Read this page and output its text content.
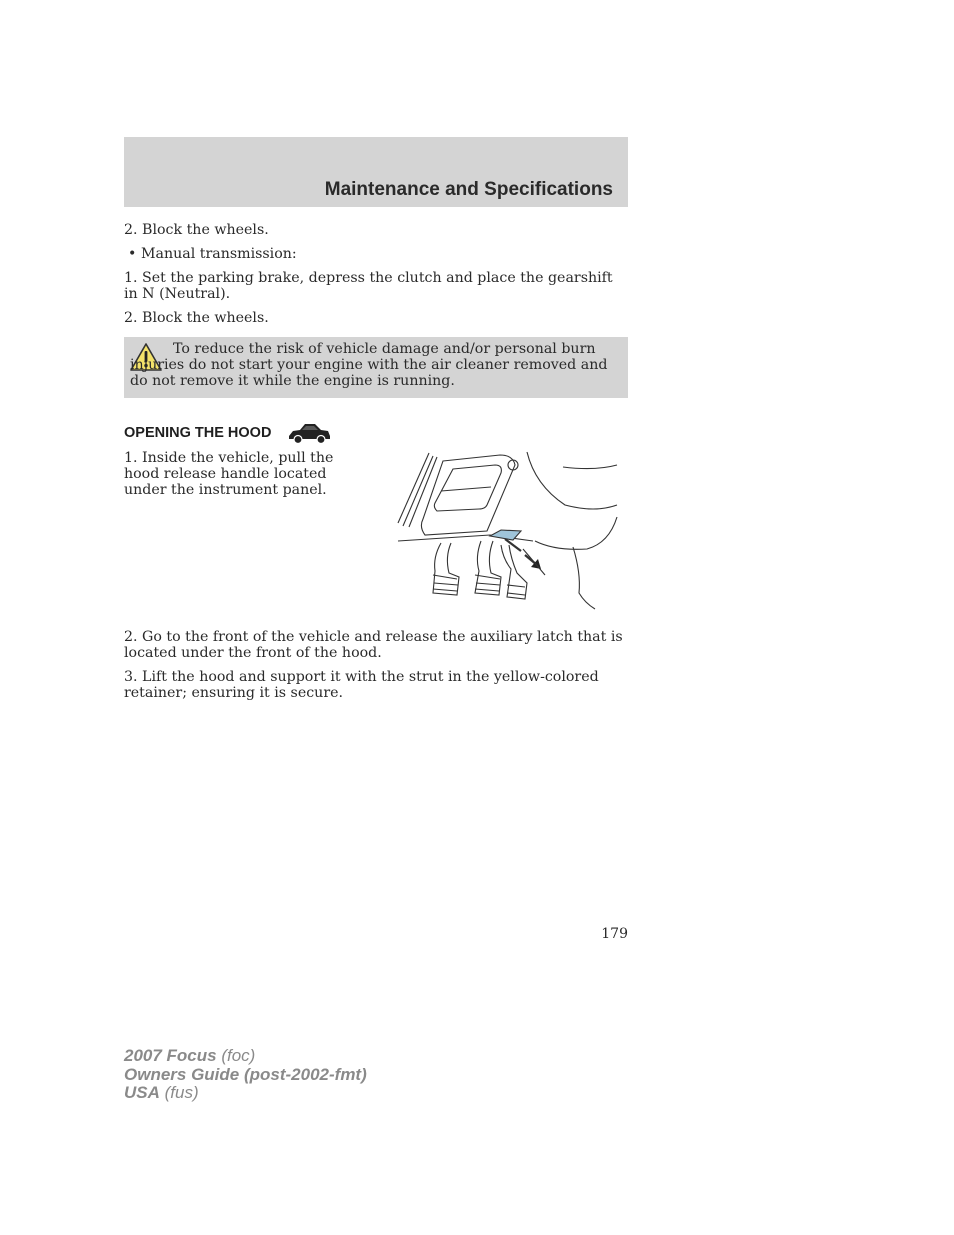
Maintenance and Specifications
2. Block the wheels.
• Manual transmission:
1. Set the parking brake, depress the clutch and place the gearshift in N (Neutral).
2. Block the wheels.
To reduce the risk of vehicle damage and/or personal burn injuries do not start your engine with the air cleaner removed and do not remove it while the engine is running.
OPENING THE HOOD
1. Inside the vehicle, pull the hood release handle located under the instrument panel.
2. Go to the front of the vehicle and release the auxiliary latch that is located under the front of the hood.
3. Lift the hood and support it with the strut in the yellow-colored retainer; ensuring it is secure.
179
2007 Focus (foc)
Owners Guide (post-2002-fmt)
USA (fus)
